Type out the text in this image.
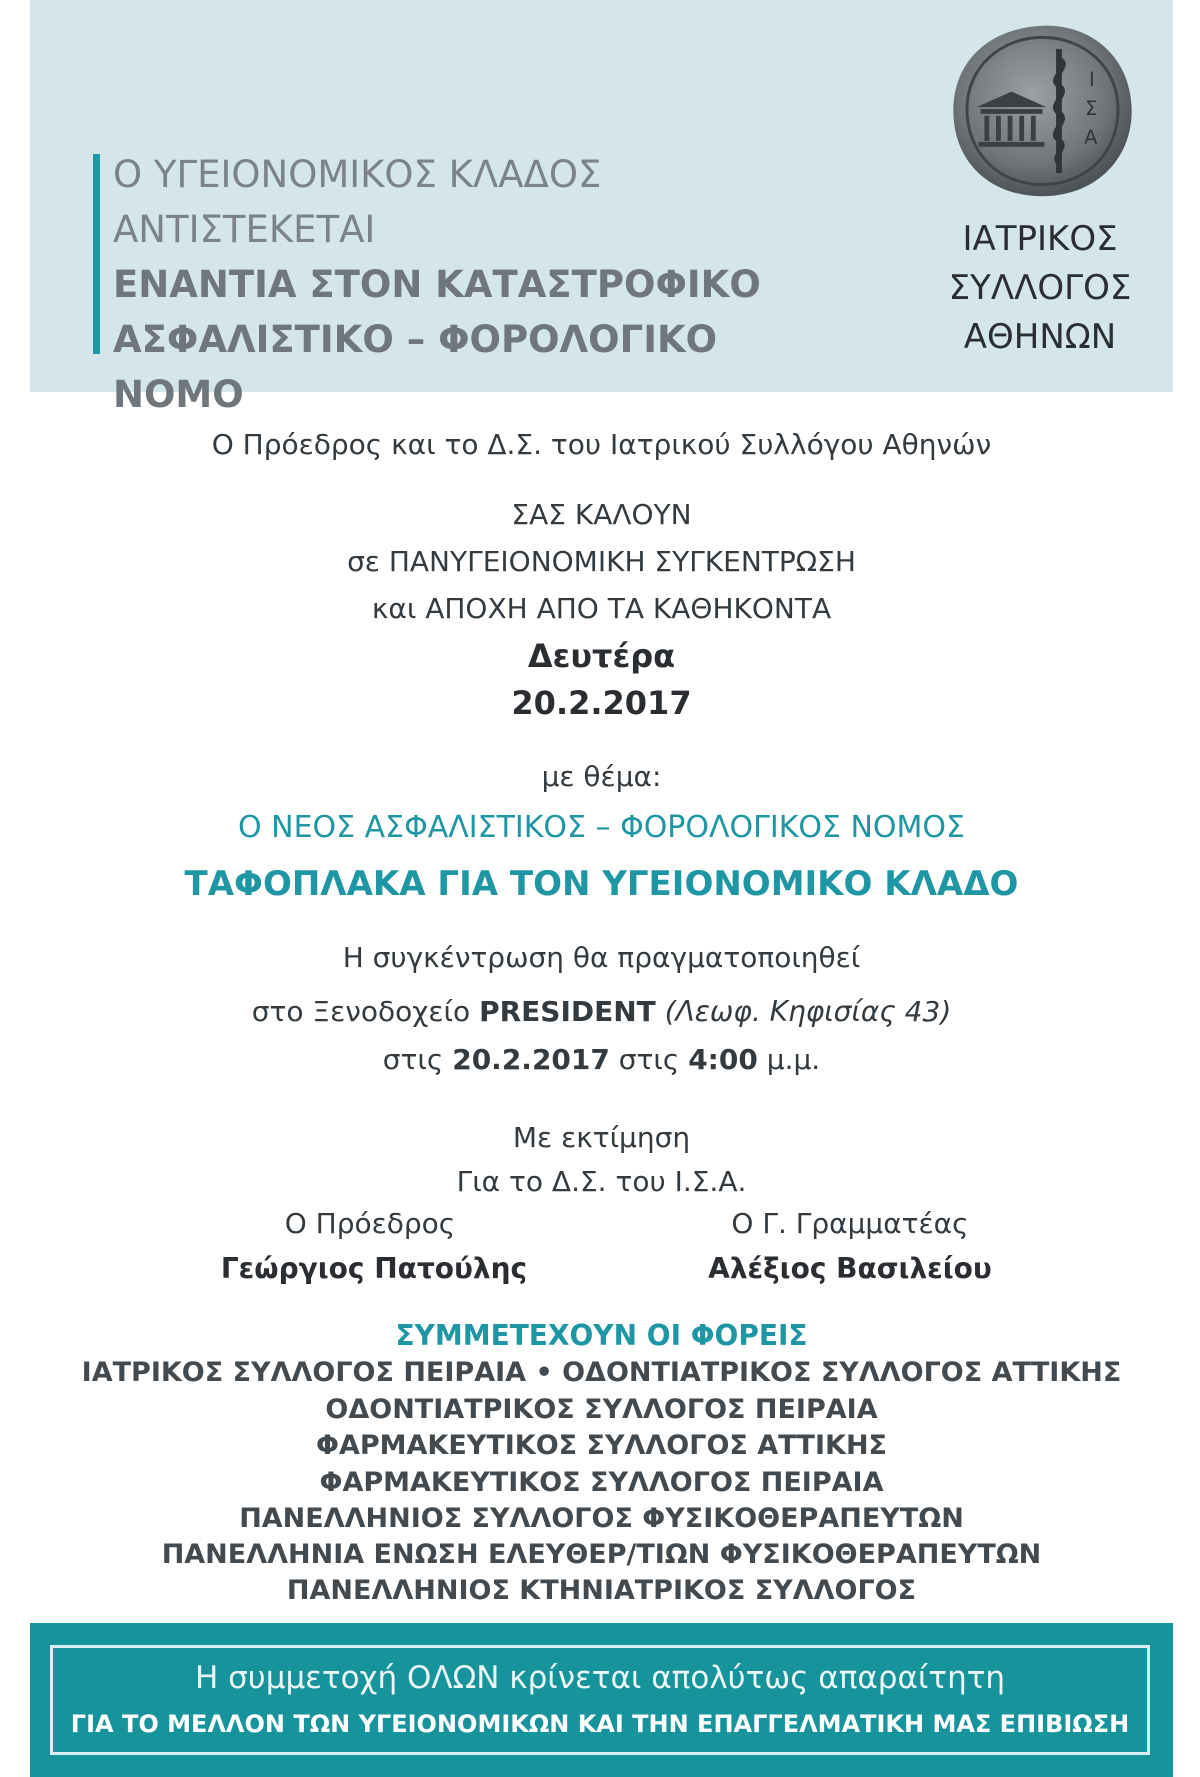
Ο ΥΓΕΙΟΝΟΜΙΚΟΣ ΚΛΑΔΟΣ
ΑΝΤΙΣΤΕΚΕΤΑΙ
ΕΝΑΝΤΙΑ ΣΤΟΝ ΚΑΤΑΣΤΡΟΦΙΚΟ
ΑΣΦΑΛΙΣΤΙΚΟ – ΦΟΡΟΛΟΓΙΚΟ ΝΟΜΟ
Ι
Σ
Α
ΙΑΤΡΙΚΟΣ
ΣΥΛΛΟΓΟΣ
ΑΘΗΝΩΝ
Ο Πρόεδρος και το Δ.Σ. του Ιατρικού Συλλόγου Αθηνών
ΣΑΣ ΚΑΛΟΥΝ
σε ΠΑΝΥΓΕΙΟΝΟΜΙΚΗ ΣΥΓΚΕΝΤΡΩΣΗ
και ΑΠΟΧΗ ΑΠΟ ΤΑ ΚΑΘΗΚΟΝΤΑ
Δευτέρα
20.2.2017
με θέμα:
Ο ΝΕΟΣ ΑΣΦΑΛΙΣΤΙΚΟΣ – ΦΟΡΟΛΟΓΙΚΟΣ ΝΟΜΟΣ
ΤΑΦΟΠΛΑΚΑ ΓΙΑ ΤΟΝ ΥΓΕΙΟΝΟΜΙΚΟ ΚΛΑΔΟ
Η συγκέντρωση θα πραγματοποιηθεί
στο Ξενοδοχείο PRESIDENT (Λεωφ. Κηφισίας 43)
στις 20.2.2017 στις 4:00 μ.μ.
Με εκτίμηση
Για το Δ.Σ. του Ι.Σ.Α.
Ο Πρόεδρος
Γεώργιος Πατούλης
Ο Γ. Γραμματέας
Αλέξιος Βασιλείου
ΣΥΜΜΕΤΕΧΟΥΝ ΟΙ ΦΟΡΕΙΣ
ΙΑΤΡΙΚΟΣ ΣΥΛΛΟΓΟΣ ΠΕΙΡΑΙΑ • ΟΔΟΝΤΙΑΤΡΙΚΟΣ ΣΥΛΛΟΓΟΣ ΑΤΤΙΚΗΣ
ΟΔΟΝΤΙΑΤΡΙΚΟΣ ΣΥΛΛΟΓΟΣ ΠΕΙΡΑΙΑ
ΦΑΡΜΑΚΕΥΤΙΚΟΣ ΣΥΛΛΟΓΟΣ ΑΤΤΙΚΗΣ
ΦΑΡΜΑΚΕΥΤΙΚΟΣ ΣΥΛΛΟΓΟΣ ΠΕΙΡΑΙΑ
ΠΑΝΕΛΛΗΝΙΟΣ ΣΥΛΛΟΓΟΣ ΦΥΣΙΚΟΘΕΡΑΠΕΥΤΩΝ
ΠΑΝΕΛΛΗΝΙΑ ΕΝΩΣΗ ΕΛΕΥΘΕΡ/ΤΙΩΝ ΦΥΣΙΚΟΘΕΡΑΠΕΥΤΩΝ
ΠΑΝΕΛΛΗΝΙΟΣ ΚΤΗΝΙΑΤΡΙΚΟΣ ΣΥΛΛΟΓΟΣ
Η συμμετοχή ΟΛΩΝ κρίνεται απολύτως απαραίτητη
ΓΙΑ ΤΟ ΜΕΛΛΟΝ ΤΩΝ ΥΓΕΙΟΝΟΜΙΚΩΝ ΚΑΙ ΤΗΝ ΕΠΑΓΓΕΛΜΑΤΙΚΗ ΜΑΣ ΕΠΙΒΙΩΣΗ
